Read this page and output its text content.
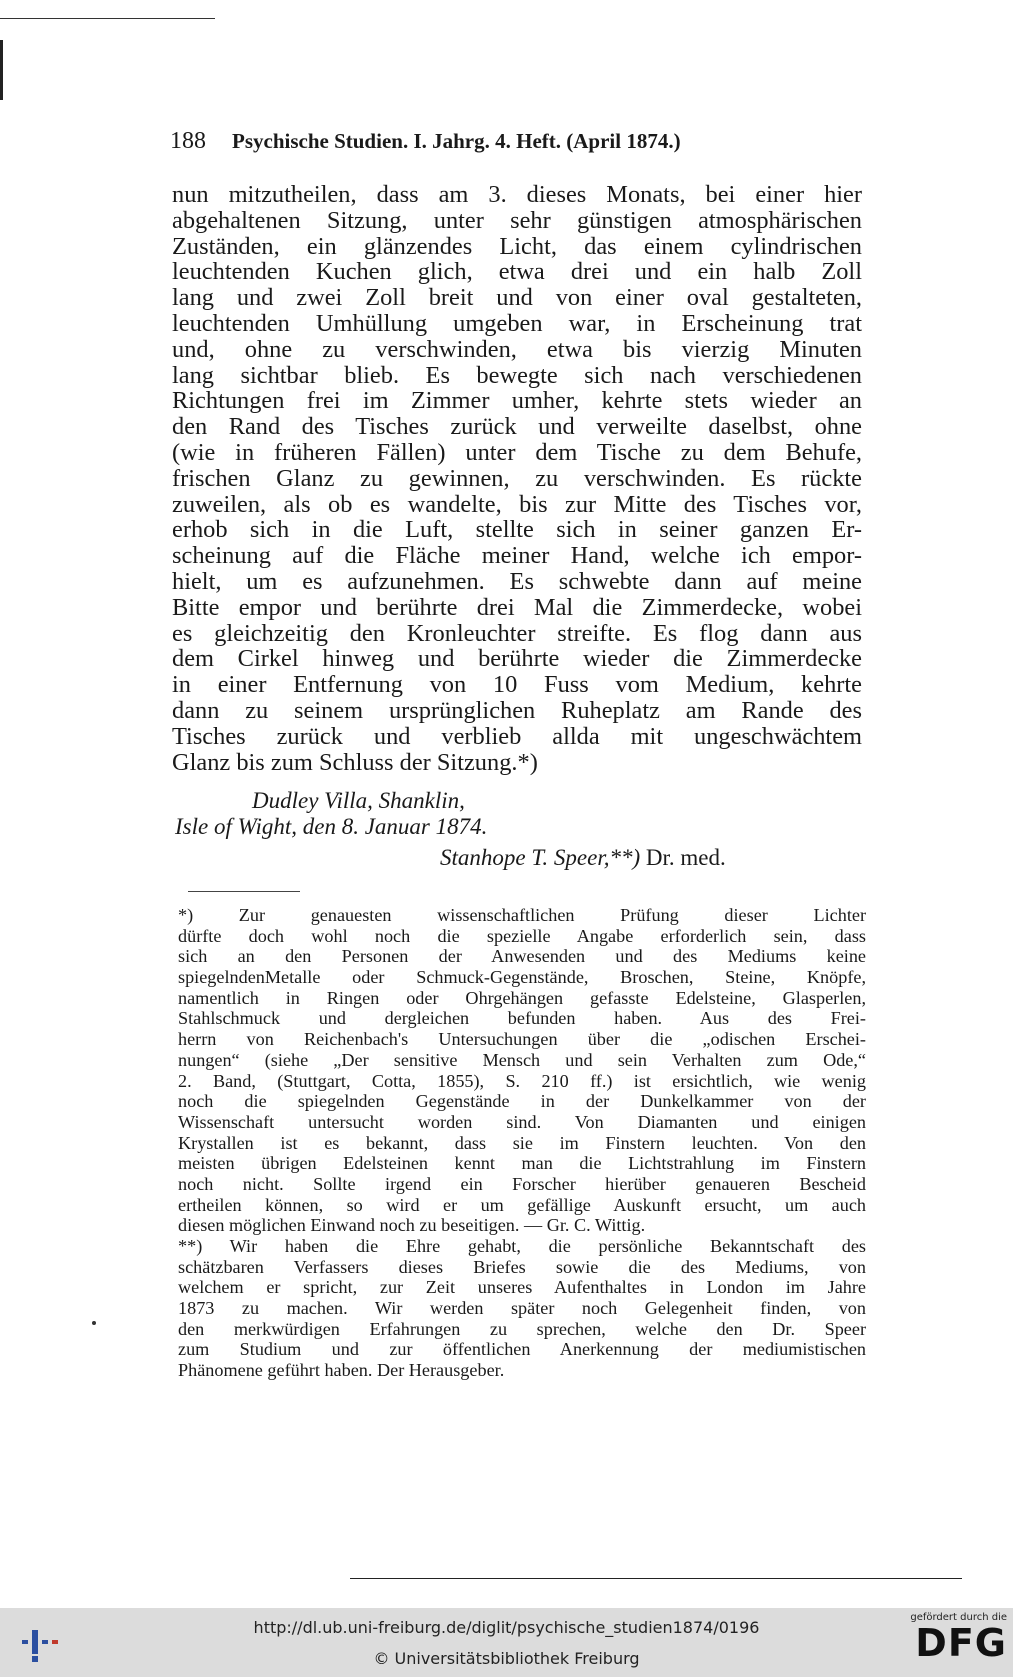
188 Psychische Studien. I. Jahrg. 4. Heft. (April 1874.)
nun mitzutheilen, dass am 3. dieses Monats, bei einer hier
abgehaltenen Sitzung, unter sehr günstigen atmosphärischen
Zuständen, ein glänzendes Licht, das einem cylindrischen
leuchtenden Kuchen glich, etwa drei und ein halb Zoll
lang und zwei Zoll breit und von einer oval gestalteten,
leuchtenden Umhüllung umgeben war, in Erscheinung trat
und, ohne zu verschwinden, etwa bis vierzig Minuten
lang sichtbar blieb. Es bewegte sich nach verschiedenen
Richtungen frei im Zimmer umher, kehrte stets wieder an
den Rand des Tisches zurück und verweilte daselbst, ohne
(wie in früheren Fällen) unter dem Tische zu dem Behufe,
frischen Glanz zu gewinnen, zu verschwinden. Es rückte
zuweilen, als ob es wandelte, bis zur Mitte des Tisches vor,
erhob sich in die Luft, stellte sich in seiner ganzen Er-
scheinung auf die Fläche meiner Hand, welche ich empor-
hielt, um es aufzunehmen. Es schwebte dann auf meine
Bitte empor und berührte drei Mal die Zimmerdecke, wobei
es gleichzeitig den Kronleuchter streifte. Es flog dann aus
dem Cirkel hinweg und berührte wieder die Zimmerdecke
in einer Entfernung von 10 Fuss vom Medium, kehrte
dann zu seinem ursprünglichen Ruheplatz am Rande des
Tisches zurück und verblieb allda mit ungeschwächtem
Glanz bis zum Schluss der Sitzung.*)
Dudley Villa, Shanklin,
Isle of Wight, den 8. Januar 1874.
Stanhope T. Speer,**) Dr. med.
*) Zur genauesten wissenschaftlichen Prüfung dieser Lichter
dürfte doch wohl noch die spezielle Angabe erforderlich sein, dass
sich an den Personen der Anwesenden und des Mediums keine
spiegelndenMetalle oder Schmuck-Gegenstände, Broschen, Steine, Knöpfe,
namentlich in Ringen oder Ohrgehängen gefasste Edelsteine, Glasperlen,
Stahlschmuck und dergleichen befunden haben. Aus des Frei-
herrn von Reichenbach's Untersuchungen über die „odischen Erschei-
nungen“ (siehe „Der sensitive Mensch und sein Verhalten zum Ode,“
2. Band, (Stuttgart, Cotta, 1855), S. 210 ff.) ist ersichtlich, wie wenig
noch die spiegelnden Gegenstände in der Dunkelkammer von der
Wissenschaft untersucht worden sind. Von Diamanten und einigen
Krystallen ist es bekannt, dass sie im Finstern leuchten. Von den
meisten übrigen Edelsteinen kennt man die Lichtstrahlung im Finstern
noch nicht. Sollte irgend ein Forscher hierüber genaueren Bescheid
ertheilen können, so wird er um gefällige Auskunft ersucht, um auch
diesen möglichen Einwand noch zu beseitigen. — Gr. C. Wittig.
**) Wir haben die Ehre gehabt, die persönliche Bekanntschaft des
schätzbaren Verfassers dieses Briefes sowie die des Mediums, von
welchem er spricht, zur Zeit unseres Aufenthaltes in London im Jahre
1873 zu machen. Wir werden später noch Gelegenheit finden, von
den merkwürdigen Erfahrungen zu sprechen, welche den Dr. Speer
zum Studium und zur öffentlichen Anerkennung der mediumistischen
Phänomene geführt haben. Der Herausgeber.
http://dl.ub.uni-freiburg.de/diglit/psychische_studien1874/0196
© Universitätsbibliothek Freiburg
gefördert durch die
DFG
